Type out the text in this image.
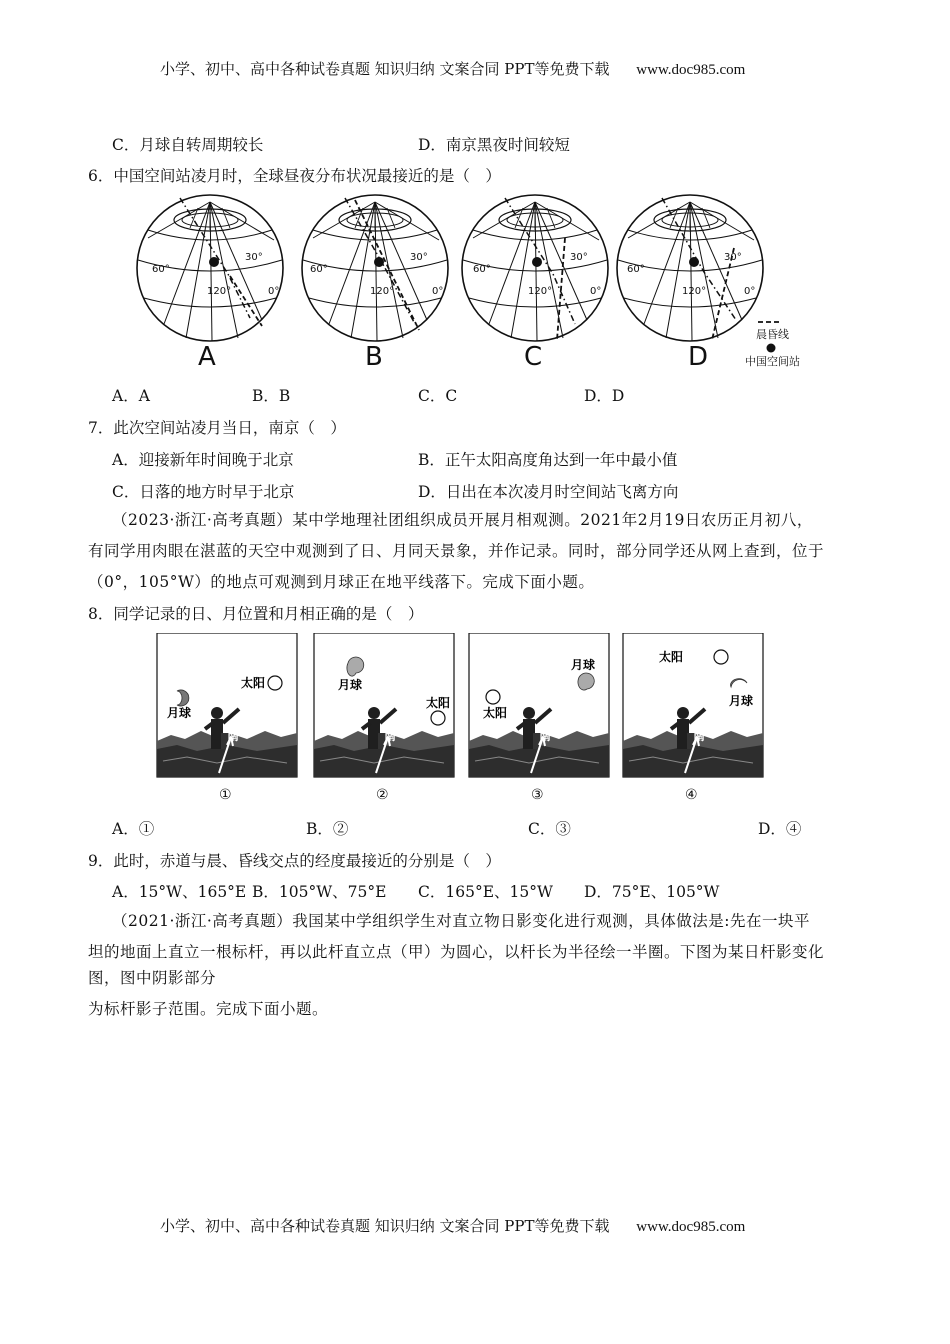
小学、初中、高中各种试卷真题 知识归纳 文案合同 PPT等免费下载 www.doc985.com
C．月球自转周期较长	D．南京黑夜时间较短
6．中国空间站凌月时，全球昼夜分布状况最接近的是（　）
60°
30°
120°	0°
60°
30°
120°	0°
60°
30°
120°	0°
60°
30°
120°	0°
A	B	C	D
晨昏线
中国空间站
A．A	B．B	C．C	D．D
7．此次空间站凌月当日，南京（　）
A．迎接新年时间晚于北京	B．正午太阳高度角达到一年中最小值
C．日落的地方时早于北京	D．日出在本次凌月时空间站飞离方向
（2023·浙江·高考真题）某中学地理社团组织成员开展月相观测。2021年2月19日农历正月初八，
有同学用肉眼在湛蓝的天空中观测到了日、月同天景象，并作记录。同时，部分同学还从网上查到，位于
（0°，105°W）的地点可观测到月球正在地平线落下。完成下面小题。
8．同学记录的日、月位置和月相正确的是（　）
太阳
月球
南
①
月球
太阳
南
②
月球
太阳
南
③
太阳
月球
南
④
A．①	B．②	C．③	D．④
9．此时，赤道与晨、昏线交点的经度最接近的分别是（　）
A．15°W、165°E B．105°W、75°E C．165°E、15°W D．75°E、105°W
（2021·浙江·高考真题）我国某中学组织学生对直立物日影变化进行观测，具体做法是:先在一块平
坦的地面上直立一根标杆，再以此杆直立点（甲）为圆心，以杆长为半径绘一半圈。下图为某日杆影变化
图，图中阴影部分
为标杆影子范围。完成下面小题。
小学、初中、高中各种试卷真题 知识归纳 文案合同 PPT等免费下载 www.doc985.com
